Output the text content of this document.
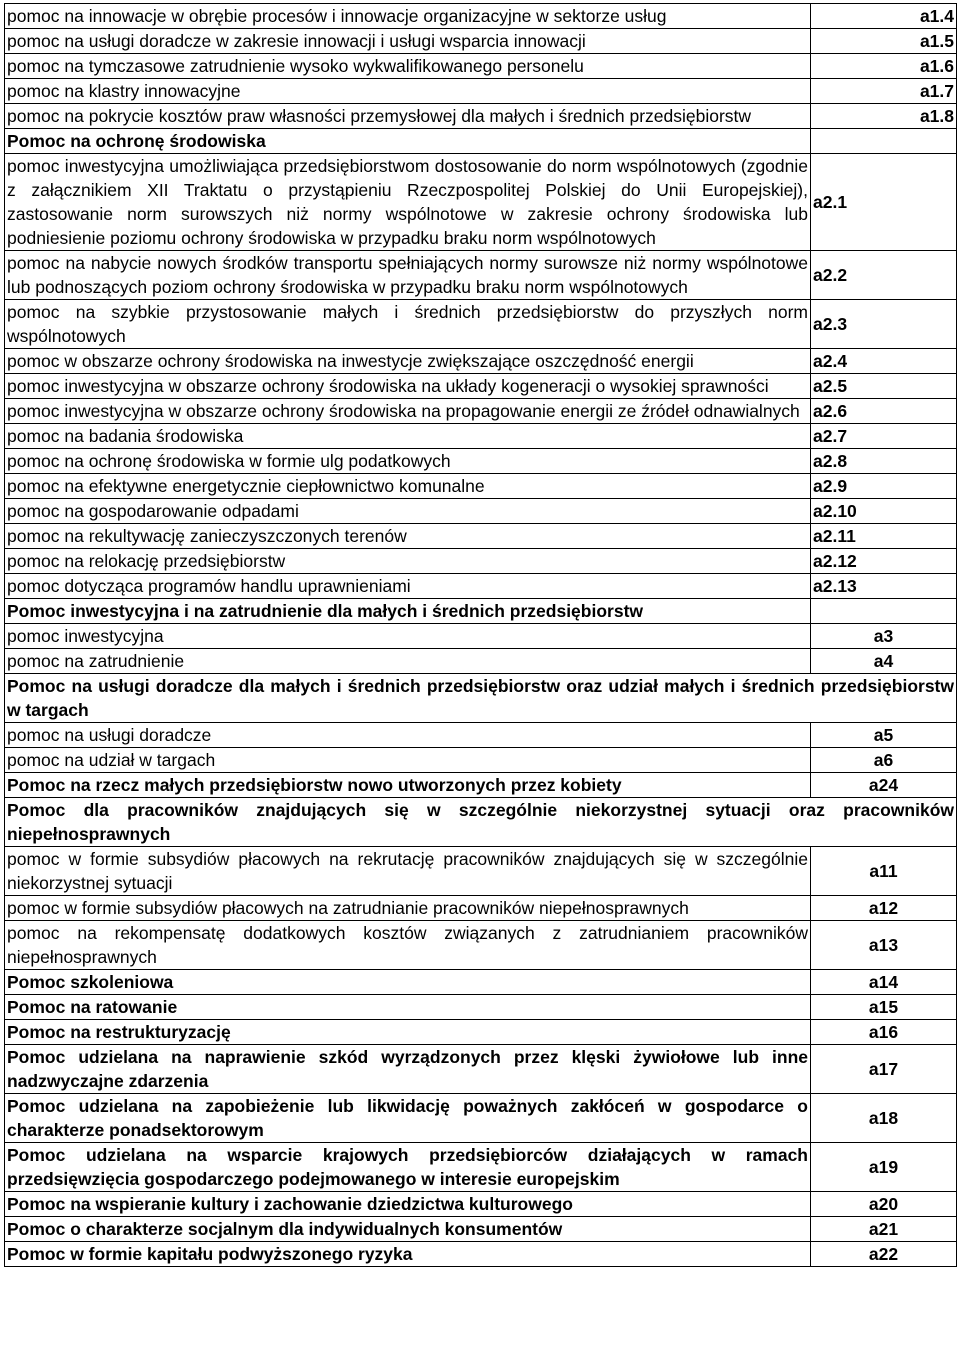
pomoc na innowacje w obrębie procesów i innowacje organizacyjne w sektorze usług	a1.4
pomoc na usługi doradcze w zakresie innowacji i usługi wsparcia innowacji	a1.5
pomoc na tymczasowe zatrudnienie wysoko wykwalifikowanego personelu	a1.6
pomoc na klastry innowacyjne	a1.7
pomoc na pokrycie kosztów praw własności przemysłowej dla małych i średnich przedsiębiorstw	a1.8
Pomoc na ochronę środowiska	
pomoc inwestycyjna umożliwiająca przedsiębiorstwom dostosowanie do norm wspólnotowych (zgodnie z załącznikiem XII Traktatu o przystąpieniu Rzeczpospolitej Polskiej do Unii Europejskiej), zastosowanie norm surowszych niż normy wspólnotowe w zakresie ochrony środowiska lub podniesienie poziomu ochrony środowiska w przypadku braku norm wspólnotowych	a2.1
pomoc na nabycie nowych środków transportu spełniających normy surowsze niż normy wspólnotowe lub podnoszących poziom ochrony środowiska w przypadku braku norm wspólnotowych	a2.2
pomoc na szybkie przystosowanie małych i średnich przedsiębiorstw do przyszłych norm wspólnotowych	a2.3
pomoc w obszarze ochrony środowiska na inwestycje zwiększające oszczędność energii	a2.4
pomoc inwestycyjna w obszarze ochrony środowiska na układy kogeneracji o wysokiej sprawności	a2.5
pomoc inwestycyjna w obszarze ochrony środowiska na propagowanie energii ze źródeł odnawialnych	a2.6
pomoc na badania środowiska	a2.7
pomoc na ochronę środowiska w formie ulg podatkowych	a2.8
pomoc na efektywne energetycznie ciepłownictwo komunalne	a2.9
pomoc na gospodarowanie odpadami	a2.10
pomoc na rekultywację zanieczyszczonych terenów	a2.11
pomoc na relokację przedsiębiorstw	a2.12
pomoc dotycząca programów handlu uprawnieniami	a2.13
Pomoc inwestycyjna i na zatrudnienie dla małych i średnich przedsiębiorstw	
pomoc inwestycyjna	a3
pomoc na zatrudnienie	a4
Pomoc na usługi doradcze dla małych i średnich przedsiębiorstw oraz udział małych i średnich przedsiębiorstw w targach	
pomoc na usługi doradcze	a5
pomoc na udział w targach	a6
Pomoc na rzecz małych przedsiębiorstw nowo utworzonych przez kobiety	a24
Pomoc dla pracowników znajdujących się w szczególnie niekorzystnej sytuacji oraz pracowników niepełnosprawnych	
pomoc w formie subsydiów płacowych na rekrutację pracowników znajdujących się w szczególnie niekorzystnej sytuacji	a11
pomoc w formie subsydiów płacowych na zatrudnianie pracowników niepełnosprawnych	a12
pomoc na rekompensatę dodatkowych kosztów związanych z zatrudnianiem pracowników niepełnosprawnych	a13
Pomoc szkoleniowa	a14
Pomoc na ratowanie	a15
Pomoc na restrukturyzację	a16
Pomoc udzielana na naprawienie szkód wyrządzonych przez klęski żywiołowe lub inne nadzwyczajne zdarzenia	a17
Pomoc udzielana na zapobieżenie lub likwidację poważnych zakłóceń w gospodarce o charakterze ponadsektorowym	a18
Pomoc udzielana na wsparcie krajowych przedsiębiorców działających w ramach przedsięwzięcia gospodarczego podejmowanego w interesie europejskim	a19
Pomoc na wspieranie kultury i zachowanie dziedzictwa kulturowego	a20
Pomoc o charakterze socjalnym dla indywidualnych konsumentów	a21
Pomoc w formie kapitału podwyższonego ryzyka	a22
